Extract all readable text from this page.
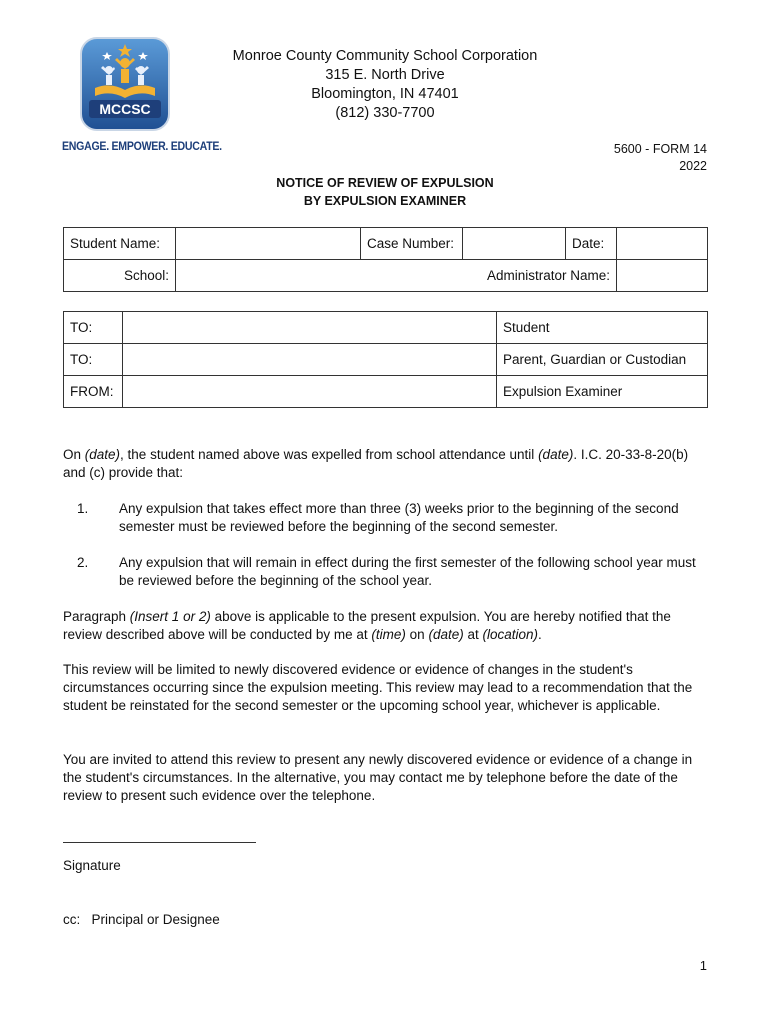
MCCSC
ENGAGE. EMPOWER. EDUCATE.
Monroe County Community School Corporation
315 E. North Drive
Bloomington, IN 47401
(812) 330-7700
5600 - FORM 14
2022
NOTICE OF REVIEW OF EXPULSION
BY EXPULSION EXAMINER
Student Name:		Case Number:		Date:	
School:		Administrator Name:			
TO:		Student
TO:		Parent, Guardian or Custodian
FROM:		Expulsion Examiner
On (date), the student named above was expelled from school attendance until (date). I.C. 20-33-8-20(b) and (c) provide that:
1. Any expulsion that takes effect more than three (3) weeks prior to the beginning of the second semester must be reviewed before the beginning of the second semester.
2. Any expulsion that will remain in effect during the first semester of the following school year must be reviewed before the beginning of the school year.
Paragraph (Insert 1 or 2) above is applicable to the present expulsion. You are hereby notified that the review described above will be conducted by me at (time) on (date) at (location).
This review will be limited to newly discovered evidence or evidence of changes in the student's circumstances occurring since the expulsion meeting. This review may lead to a recommendation that the student be reinstated for the second semester or the upcoming school year, whichever is applicable.
You are invited to attend this review to present any newly discovered evidence or evidence of a change in the student's circumstances. In the alternative, you may contact me by telephone before the date of the review to present such evidence over the telephone.
Signature
cc:   Principal or Designee
1
